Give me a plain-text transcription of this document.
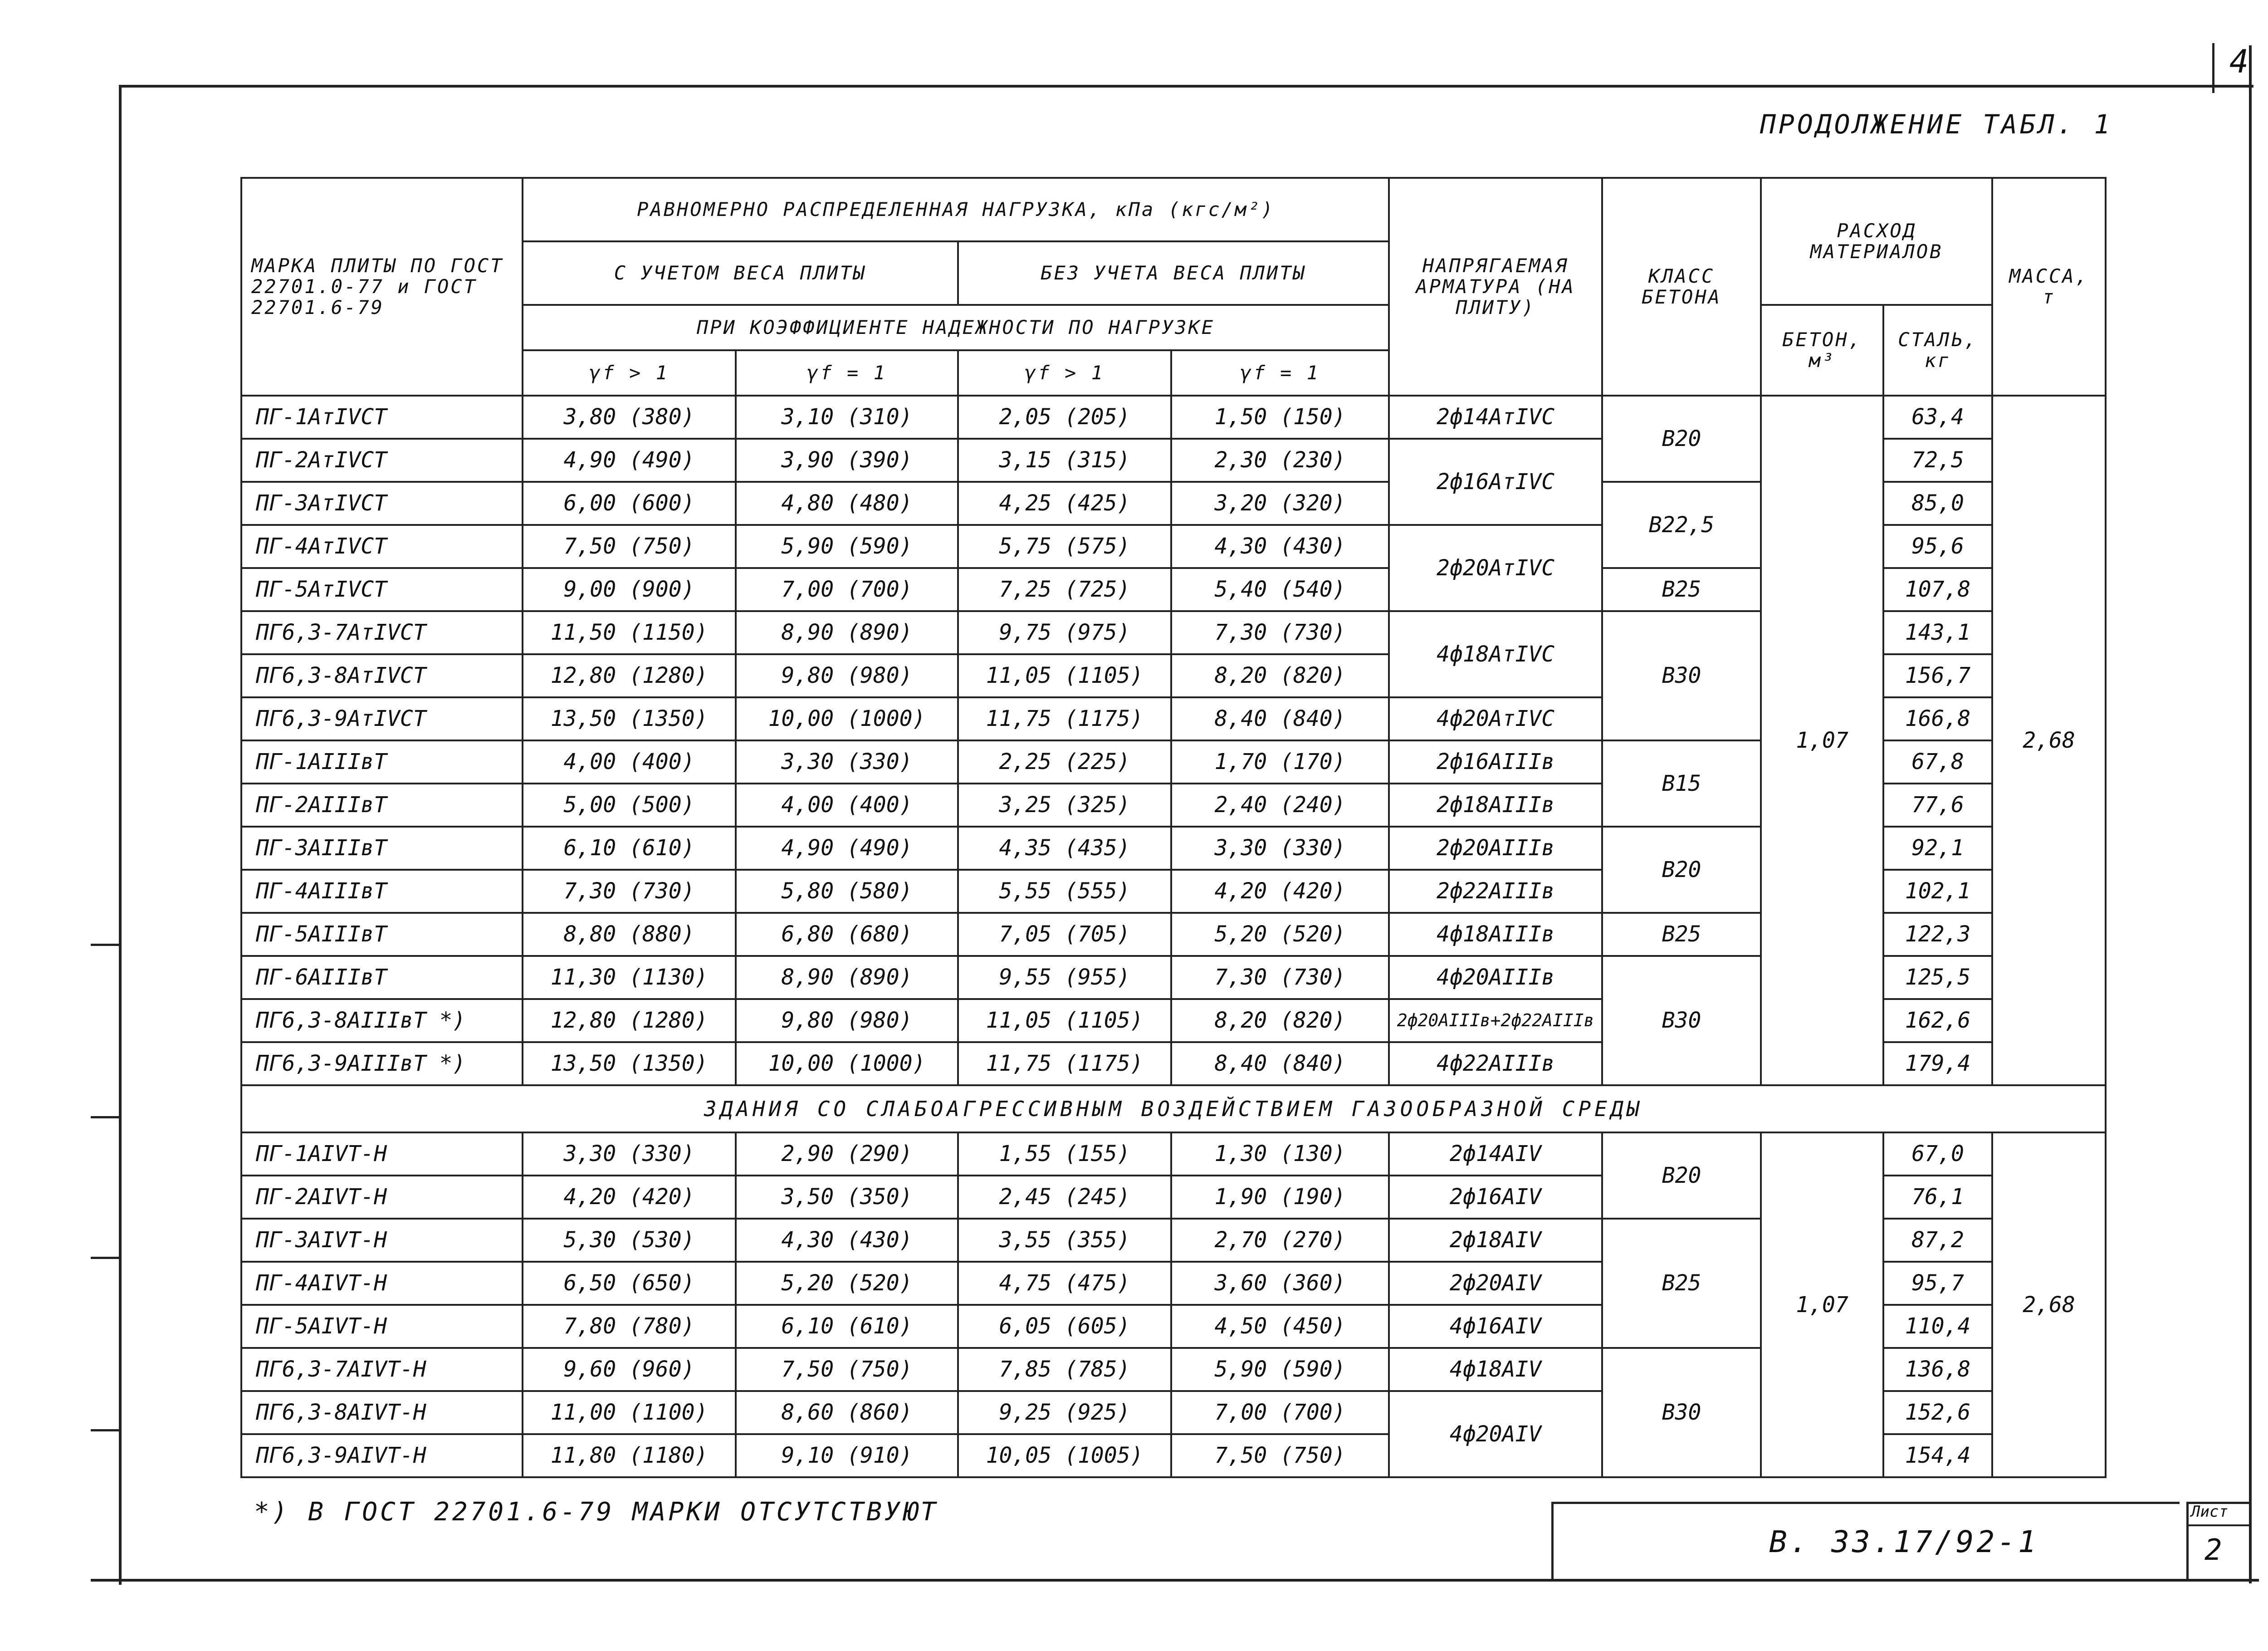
4
ПРОДОЛЖЕНИЕ ТАБЛ. 1
МАРКА ПЛИТЫ ПО ГОСТ 22701.0-77 и ГОСТ 22701.6-79	РАВНОМЕРНО РАСПРЕДЕЛЕННАЯ НАГРУЗКА, кПа (кгс/м²)				НАПРЯГАЕМАЯ АРМАТУРА (НА ПЛИТУ)	КЛАСС БЕТОНА	РАСХОД МАТЕРИАЛОВ		МАССА, т
	С УЧЕТОМ ВЕСА ПЛИТЫ		БЕЗ УЧЕТА ВЕСА ПЛИТЫ						
	ПРИ КОЭФФИЦИЕНТЕ НАДЕЖНОСТИ ПО НАГРУЗКЕ						БЕТОН, м³	СТАЛЬ, кг	
	γf > 1	γf = 1	γf > 1	γf = 1					
ПГ-1АтIVСТ	3,80 (380)	3,10 (310)	2,05 (205)	1,50 (150)	2ф14АтIVС	В20	1,07	63,4	2,68
ПГ-2АтIVСТ	4,90 (490)	3,90 (390)	3,15 (315)	2,30 (230)	2ф16АтIVС			72,5	
ПГ-3АтIVСТ	6,00 (600)	4,80 (480)	4,25 (425)	3,20 (320)		В22,5		85,0	
ПГ-4АтIVСТ	7,50 (750)	5,90 (590)	5,75 (575)	4,30 (430)	2ф20АтIVС			95,6	
ПГ-5АтIVСТ	9,00 (900)	7,00 (700)	7,25 (725)	5,40 (540)		В25		107,8	
ПГ6,3-7АтIVСТ	11,50 (1150)	8,90 (890)	9,75 (975)	7,30 (730)	4ф18АтIVС	В30		143,1	
ПГ6,3-8АтIVСТ	12,80 (1280)	9,80 (980)	11,05 (1105)	8,20 (820)				156,7	
ПГ6,3-9АтIVСТ	13,50 (1350)	10,00 (1000)	11,75 (1175)	8,40 (840)	4ф20АтIVС			166,8	
ПГ-1АIIIвТ	4,00 (400)	3,30 (330)	2,25 (225)	1,70 (170)	2ф16АIIIв	В15		67,8	
ПГ-2АIIIвТ	5,00 (500)	4,00 (400)	3,25 (325)	2,40 (240)	2ф18АIIIв			77,6	
ПГ-3АIIIвТ	6,10 (610)	4,90 (490)	4,35 (435)	3,30 (330)	2ф20АIIIв	В20		92,1	
ПГ-4АIIIвТ	7,30 (730)	5,80 (580)	5,55 (555)	4,20 (420)	2ф22АIIIв			102,1	
ПГ-5АIIIвТ	8,80 (880)	6,80 (680)	7,05 (705)	5,20 (520)	4ф18АIIIв	В25		122,3	
ПГ-6АIIIвТ	11,30 (1130)	8,90 (890)	9,55 (955)	7,30 (730)	4ф20АIIIв	В30		125,5	
ПГ6,3-8АIIIвТ *)	12,80 (1280)	9,80 (980)	11,05 (1105)	8,20 (820)	2ф20АIIIв+2ф22АIIIв			162,6	
ПГ6,3-9АIIIвТ *)	13,50 (1350)	10,00 (1000)	11,75 (1175)	8,40 (840)	4ф22АIIIв			179,4	
ЗДАНИЯ СО СЛАБОАГРЕССИВНЫМ ВОЗДЕЙСТВИЕМ ГАЗООБРАЗНОЙ СРЕДЫ									
ПГ-1АIVТ-Н	3,30 (330)	2,90 (290)	1,55 (155)	1,30 (130)	2ф14АIV	В20	1,07	67,0	2,68
ПГ-2АIVТ-Н	4,20 (420)	3,50 (350)	2,45 (245)	1,90 (190)	2ф16АIV			76,1	
ПГ-3АIVТ-Н	5,30 (530)	4,30 (430)	3,55 (355)	2,70 (270)	2ф18АIV	В25		87,2	
ПГ-4АIVТ-Н	6,50 (650)	5,20 (520)	4,75 (475)	3,60 (360)	2ф20АIV			95,7	
ПГ-5АIVТ-Н	7,80 (780)	6,10 (610)	6,05 (605)	4,50 (450)	4ф16АIV			110,4	
ПГ6,3-7АIVТ-Н	9,60 (960)	7,50 (750)	7,85 (785)	5,90 (590)	4ф18АIV	В30		136,8	
ПГ6,3-8АIVТ-Н	11,00 (1100)	8,60 (860)	9,25 (925)	7,00 (700)	4ф20АIV			152,6	
ПГ6,3-9АIVТ-Н	11,80 (1180)	9,10 (910)	10,05 (1005)	7,50 (750)				154,4	
*) В ГОСТ 22701.6-79 МАРКИ ОТСУТСТВУЮТ
В. 33.17/92-1
Лист
2
